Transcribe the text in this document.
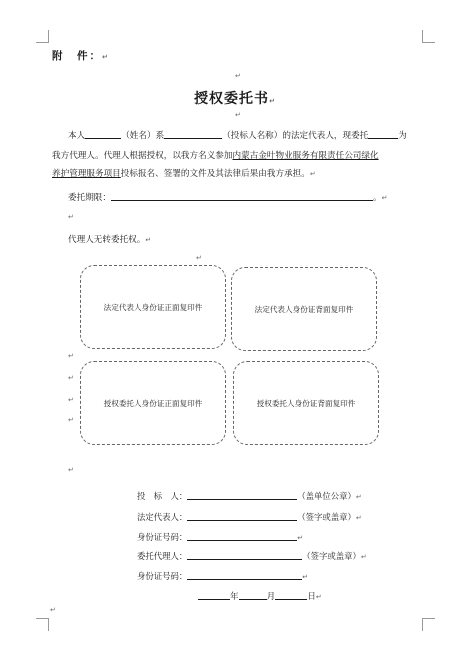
附　件：↵
↵
授权委托书↵
↵
本人	（姓名）系	（投标人名称）的法定代表人，现委托	为
我方代理人。代理人根据授权，以我方名义参加内蒙古金叶物业服务有限责任公司绿化
养护管理服务项目投标报名、签署的文件及其法律后果由我方承担。↵
委托期限：	。↵
↵
代理人无转委托权。↵
↵
法定代表人身份证正面复印件	法定代表人身份证背面复印件
授权委托人身份证正面复印件	授权委托人身份证背面复印件
↵
↵
↵
↵
↵
投　标　人：	（盖单位公章）↵
法定代表人：	（签字或盖章）↵
身份证号码：	↵
委托代理人：	（签字或盖章）↵
身份证号码：	↵
年	月	日↵
↵
